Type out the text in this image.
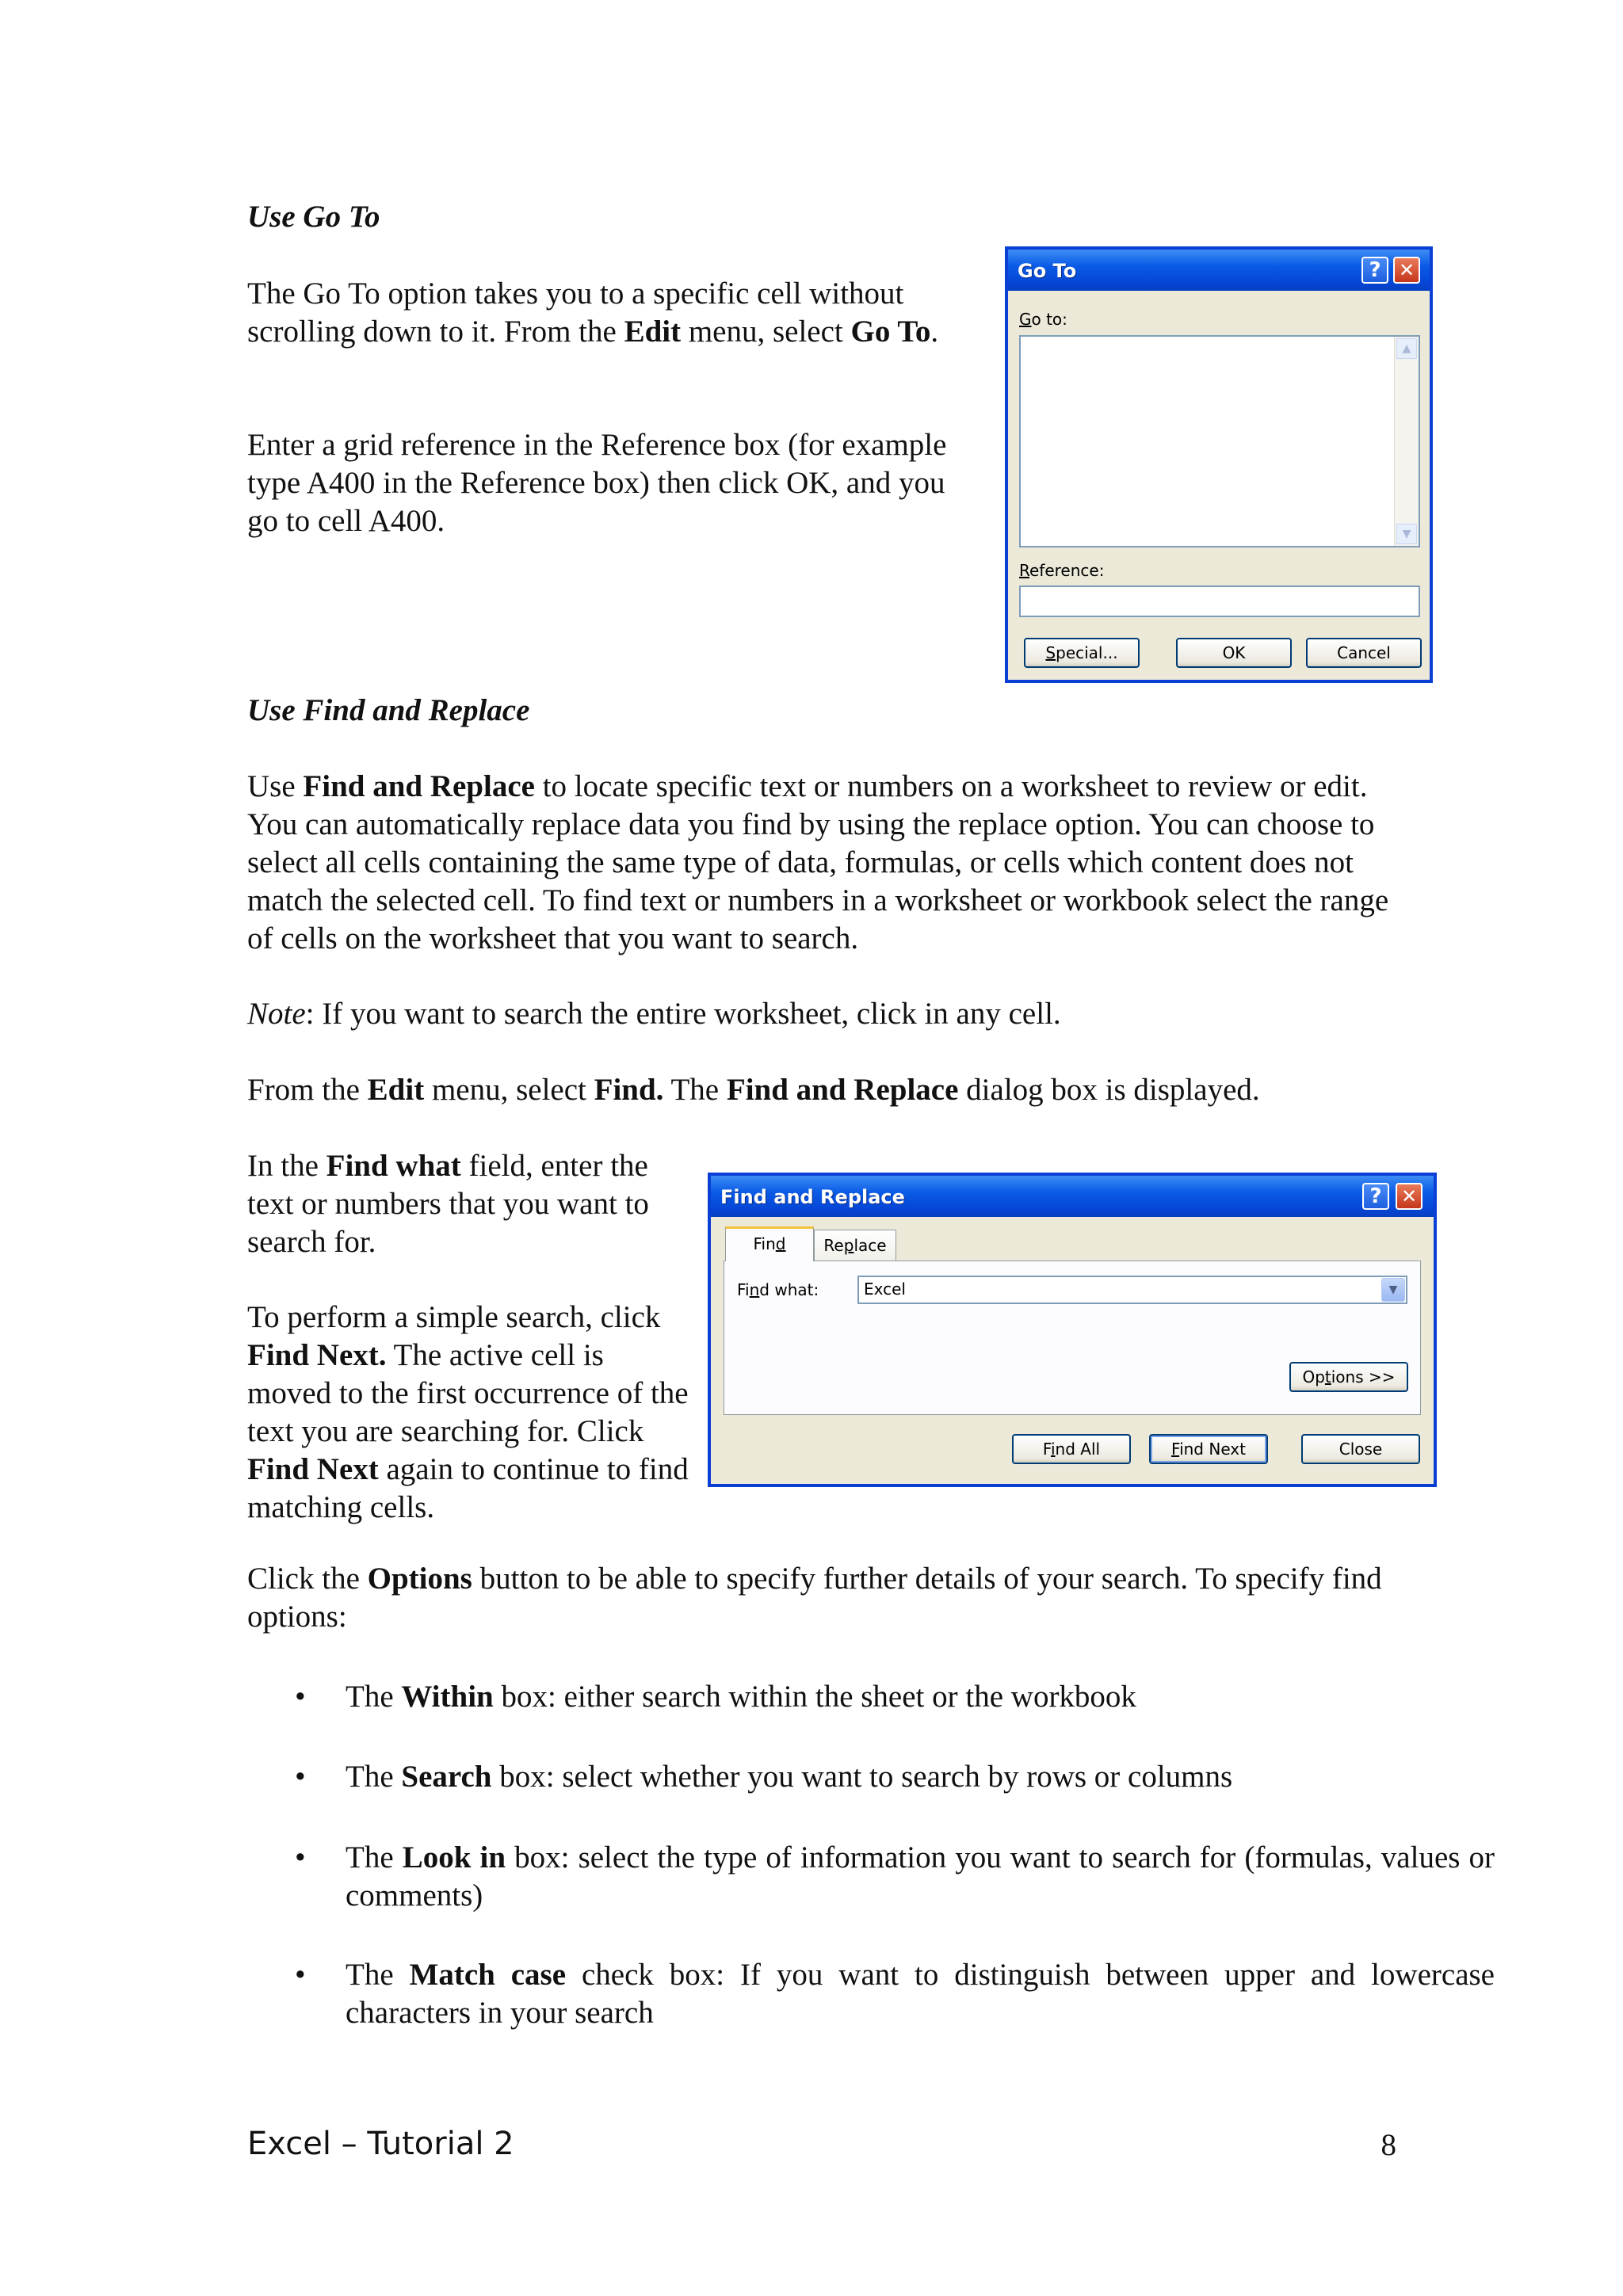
Use Go To

The Go To option takes you to a specific cell without scrolling down to it. From the Edit menu, select Go To.

Enter a grid reference in the Reference box (for example type A400 in the Reference box) then click OK, and you go to cell A400.

Go To	? ✕
Go to:
▲
▼
Reference:
Special...	OK	Cancel
Use Find and Replace

Use Find and Replace to locate specific text or numbers on a worksheet to review or edit. You can automatically replace data you find by using the replace option. You can choose to select all cells containing the same type of data, formulas, or cells which content does not match the selected cell. To find text or numbers in a worksheet or workbook select the range of cells on the worksheet that you want to search.

Note: If you want to search the entire worksheet, click in any cell.

From the Edit menu, select Find. The Find and Replace dialog box is displayed.

In the Find what field, enter the text or numbers that you want to search for.

To perform a simple search, click Find Next. The active cell is moved to the first occurrence of the text you are searching for. Click Find Next again to continue to find matching cells.

Find and Replace	?	✕
Find	Replace
Find what:	Excel	▼
Options >>
Find All	Find Next	Close

Click the Options button to be able to specify further details of your search. To specify find options:

• The Within box: either search within the sheet or the workbook
• The Search box: select whether you want to search by rows or columns
• The Look in box: select the type of information you want to search for (formulas, values or comments)
• The Match case check box: If you want to distinguish between upper and lowercase characters in your search
Excel – Tutorial 2	8
